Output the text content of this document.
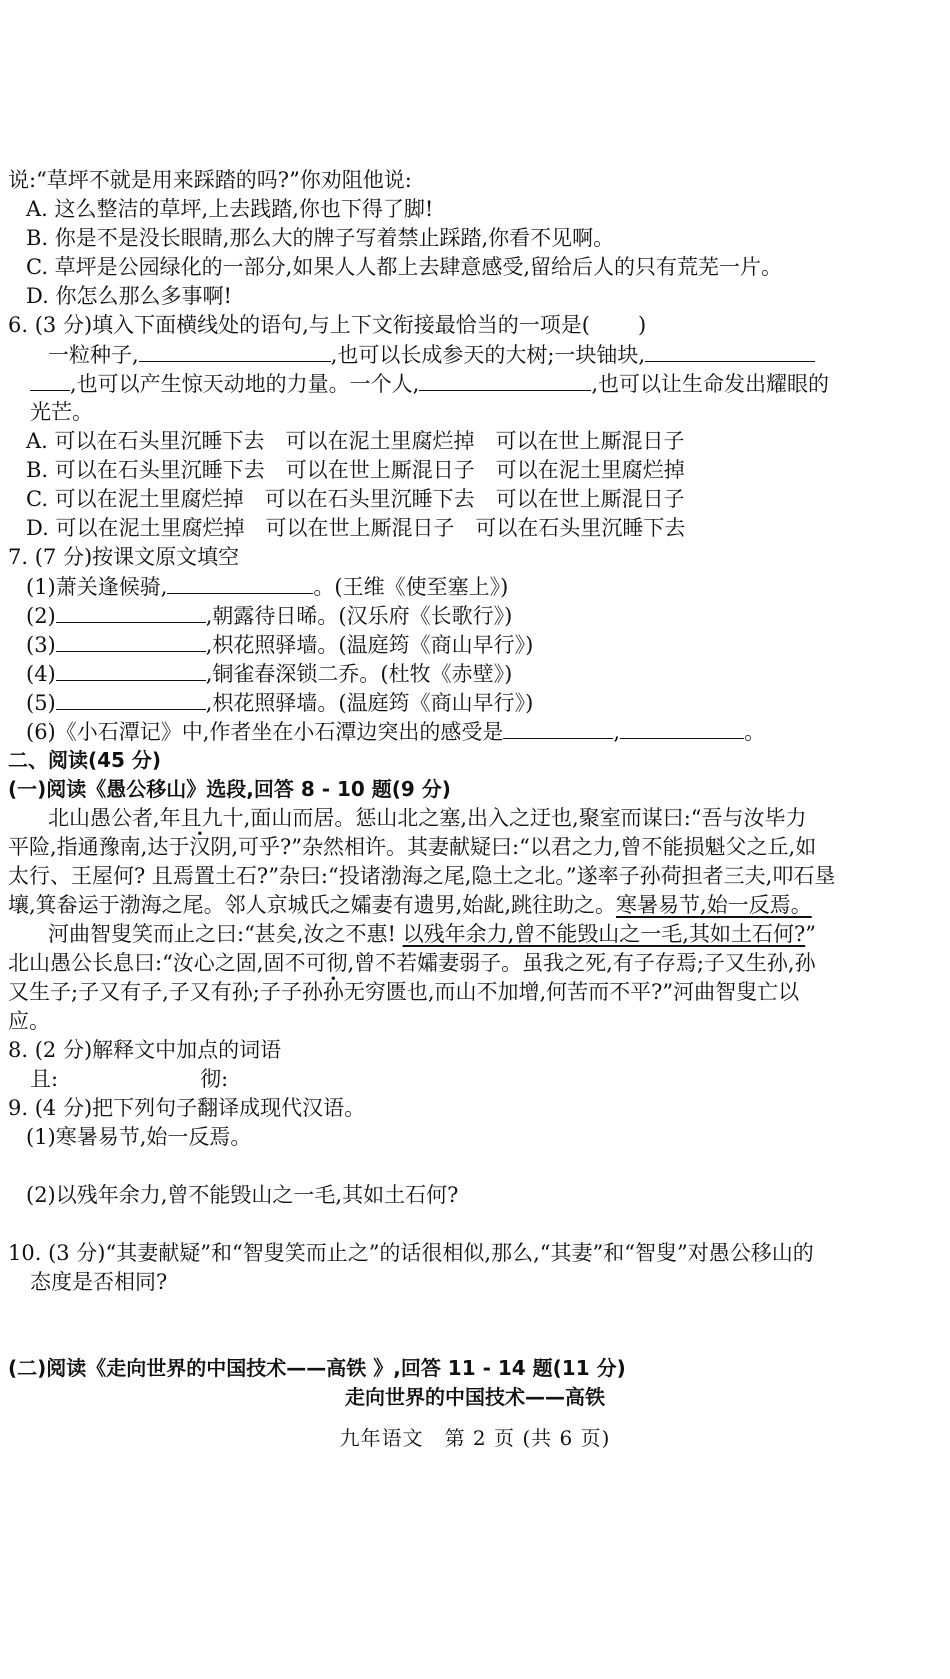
说:“草坪不就是用来踩踏的吗?”你劝阻他说:
A. 这么整洁的草坪,上去践踏,你也下得了脚!
B. 你是不是没长眼睛,那么大的牌子写着禁止踩踏,你看不见啊。
C. 草坪是公园绿化的一部分,如果人人都上去肆意感受,留给后人的只有荒芜一片。
D. 你怎么那么多事啊!
6. (3 分)填入下面横线处的语句,与上下文衔接最恰当的一项是( )
一粒种子,	,也可以长成参天的大树;一块铀块,
,也可以产生惊天动地的力量。一个人,	,也可以让生命发出耀眼的
光芒。
A. 可以在石头里沉睡下去　可以在泥土里腐烂掉　可以在世上厮混日子
B. 可以在石头里沉睡下去　可以在世上厮混日子　可以在泥土里腐烂掉
C. 可以在泥土里腐烂掉　可以在石头里沉睡下去　可以在世上厮混日子
D. 可以在泥土里腐烂掉　可以在世上厮混日子　可以在石头里沉睡下去
7. (7 分)按课文原文填空
(1)萧关逢候骑,	。(王维《使至塞上》)
(2)	,朝露待日晞。(汉乐府《长歌行》)
(3)	,枳花照驿墙。(温庭筠《商山早行》)
(4)	,铜雀春深锁二乔。(杜牧《赤壁》)
(5)	,枳花照驿墙。(温庭筠《商山早行》)
(6)《小石潭记》中,作者坐在小石潭边突出的感受是	,	。
二、阅读(45 分)
(一)阅读《愚公移山》选段,回答 8 - 10 题(9 分)
北山愚公者,年且九十,面山而居。惩山北之塞,出入之迂也,聚室而谋曰:“吾与汝毕力
平险,指通豫南,达于汉阴,可乎?”杂然相许。其妻献疑曰:“以君之力,曾不能损魁父之丘,如
太行、王屋何? 且焉置土石?”杂曰:“投诸渤海之尾,隐土之北。”遂率子孙荷担者三夫,叩石垦
壤,箕畚运于渤海之尾。邻人京城氏之孀妻有遗男,始龀,跳往助之。寒暑易节,始一反焉。
河曲智叟笑而止之曰:“甚矣,汝之不惠! 以残年余力,曾不能毁山之一毛,其如土石何?”
北山愚公长息曰:“汝心之固,固不可彻,曾不若孀妻弱子。虽我之死,有子存焉;子又生孙,孙
又生子;子又有子,子又有孙;子子孙孙无穷匮也,而山不加增,何苦而不平?”河曲智叟亡以
应。
8. (2 分)解释文中加点的词语
且:	彻:
9. (4 分)把下列句子翻译成现代汉语。
(1)寒暑易节,始一反焉。
(2)以残年余力,曾不能毁山之一毛,其如土石何?
10. (3 分)“其妻献疑”和“智叟笑而止之”的话很相似,那么,“其妻”和“智叟”对愚公移山的
态度是否相同?
(二)阅读《走向世界的中国技术——高铁 》,回答 11 - 14 题(11 分)
走向世界的中国技术——高铁
九年语文　第 2 页 (共 6 页)
